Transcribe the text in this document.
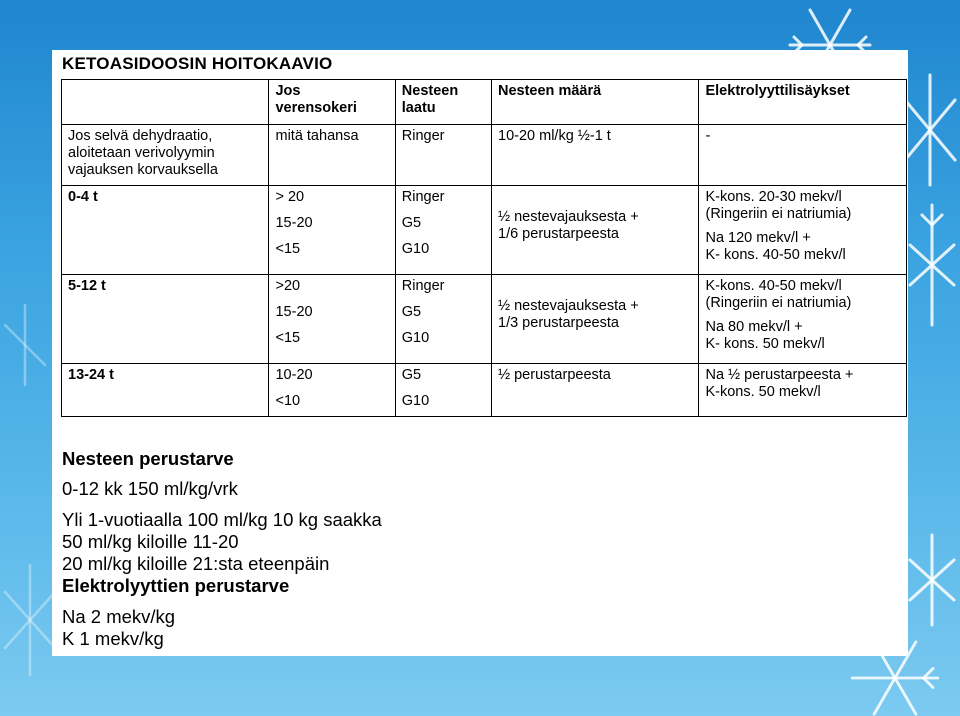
KETOASIDOOSIN HOITOKAAVIO

	Jos
verensokeri	Nesteen
laatu	Nesteen määrä	Elektrolyyttilisäykset

Jos selvä dehydraatio,
aloitetaan verivolyymin
vajauksen korvauksella	mitä tahansa	Ringer	10-20 ml/kg ½-1 t	-

0-4 t	> 20
15-20
<15	Ringer
G5
G10	½ nestevajauksesta +
1/6 perustarpeesta	K-kons. 20-30 mekv/l
(Ringeriin ei natriumia)
Na 120 mekv/l +
K- kons. 40-50 mekv/l

5-12 t	>20
15-20
<15	Ringer
G5
G10	½ nestevajauksesta +
1/3 perustarpeesta	K-kons. 40-50 mekv/l
(Ringeriin ei natriumia)
Na 80 mekv/l +
K- kons. 50 mekv/l

13-24 t	10-20
<10	G5
G10	½ perustarpeesta	Na ½ perustarpeesta +
K-kons. 50 mekv/l
Nesteen perustarve
0-12 kk 150 ml/kg/vrk
Yli 1-vuotiaalla 100 ml/kg 10 kg saakka
50 ml/kg kiloille 11-20
20 ml/kg kiloille 21:sta eteenpäin
Elektrolyyttien perustarve
Na 2 mekv/kg
K 1 mekv/kg
